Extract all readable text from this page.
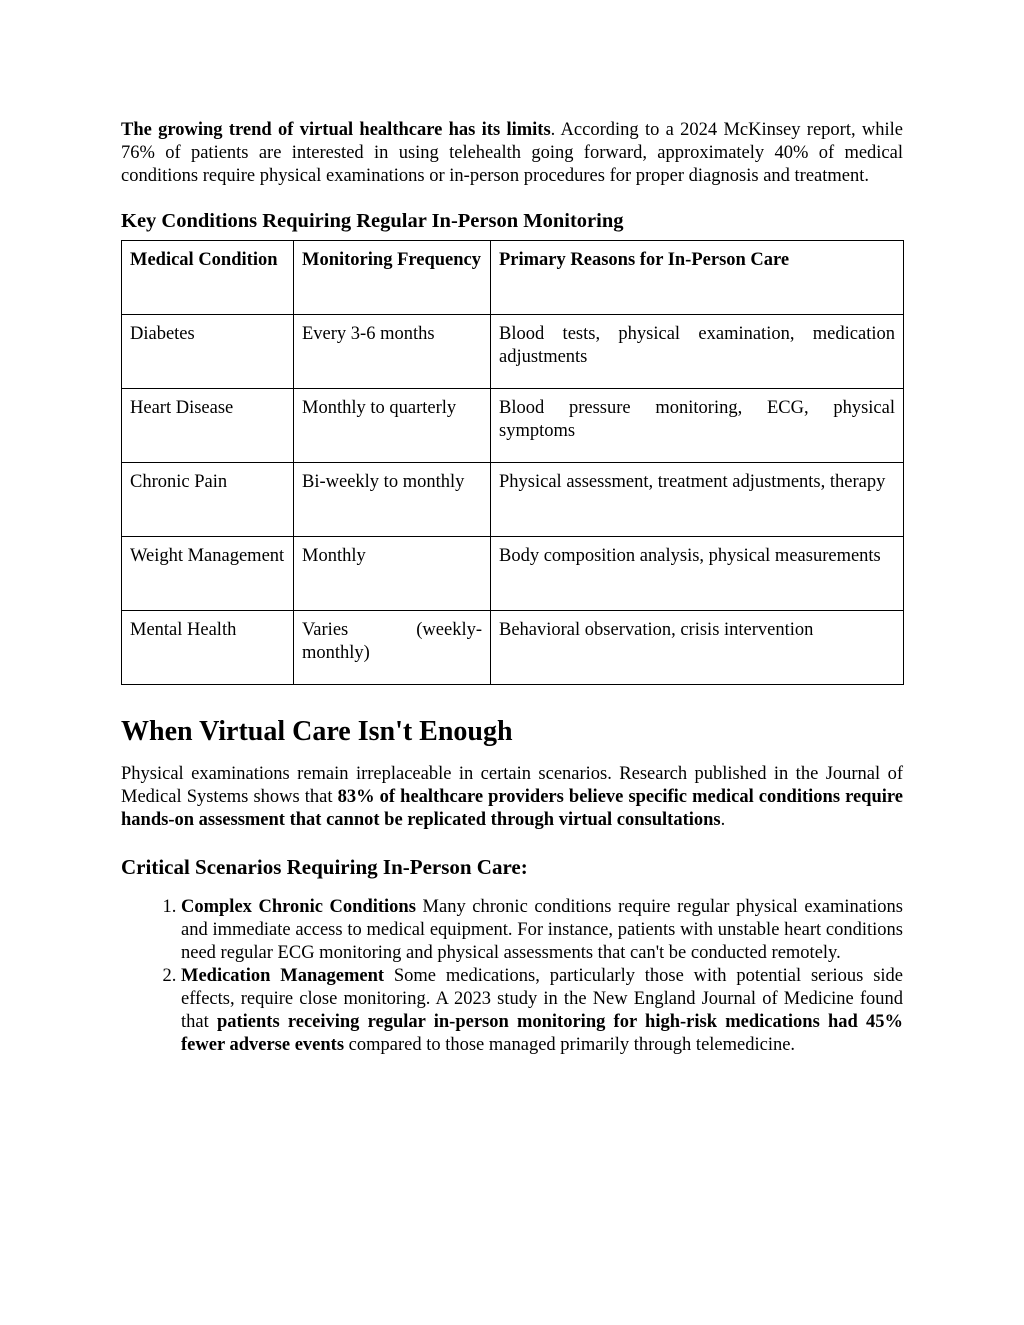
The growing trend of virtual healthcare has its limits. According to a 2024 McKinsey report, while 76% of patients are interested in using telehealth going forward, approximately 40% of medical conditions require physical examinations or in-person procedures for proper diagnosis and treatment.

Key Conditions Requiring Regular In-Person Monitoring

Medical Condition	Monitoring Frequency	Primary Reasons for In-Person Care
Diabetes	Every 3-6 months	Blood tests, physical examination, medication adjustments
Heart Disease	Monthly to quarterly	Blood pressure monitoring, ECG, physical symptoms
Chronic Pain	Bi-weekly to monthly	Physical assessment, treatment adjustments, therapy
Weight Management	Monthly	Body composition analysis, physical measurements
Mental Health	Varies (weekly-monthly)	Behavioral observation, crisis intervention
When Virtual Care Isn't Enough

Physical examinations remain irreplaceable in certain scenarios. Research published in the Journal of Medical Systems shows that 83% of healthcare providers believe specific medical conditions require hands-on assessment that cannot be replicated through virtual consultations.

Critical Scenarios Requiring In-Person Care:
1. Complex Chronic Conditions Many chronic conditions require regular physical examinations and immediate access to medical equipment. For instance, patients with unstable heart conditions need regular ECG monitoring and physical assessments that can't be conducted remotely.
2. Medication Management Some medications, particularly those with potential serious side effects, require close monitoring. A 2023 study in the New England Journal of Medicine found that patients receiving regular in-person monitoring for high-risk medications had 45% fewer adverse events compared to those managed primarily through telemedicine.
